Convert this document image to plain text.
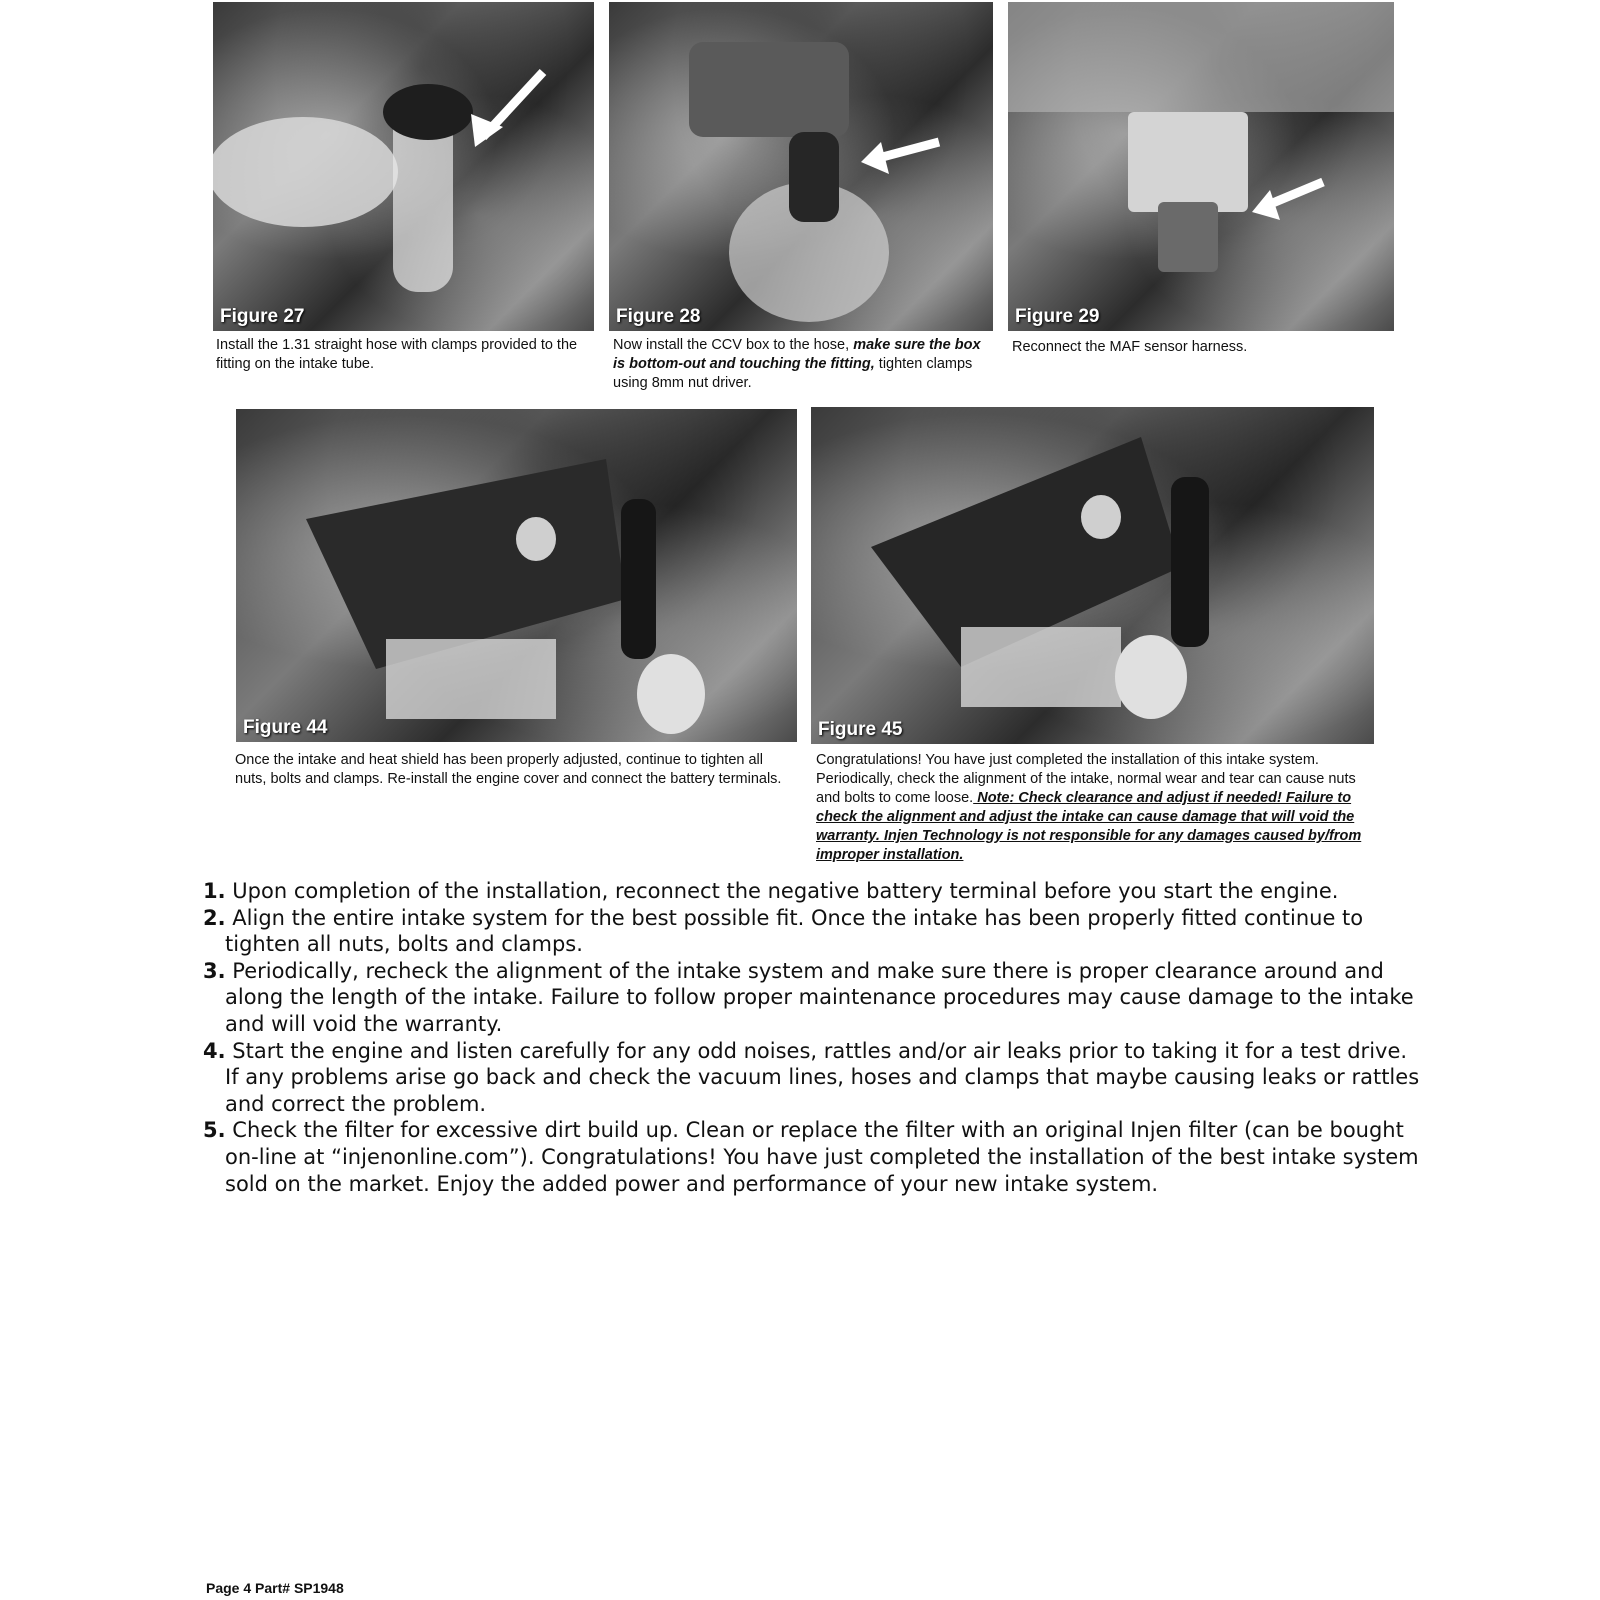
Figure 27
Install the 1.31 straight hose with clamps provided to the fitting on the intake tube.
Figure 28
Now install the CCV box to the hose, make sure the box is bottom-out and touching the fitting, tighten clamps using 8mm nut driver.
Figure 29
Reconnect the MAF sensor harness.
Figure 44
Once the intake and heat shield has been properly adjusted, continue to tighten all nuts, bolts and clamps. Re-install the engine cover and connect the battery terminals.
Figure 45
Congratulations! You have just completed the installation of this intake system. Periodically, check the alignment of the intake, normal wear and tear can cause nuts and bolts to come loose. Note: Check clearance and adjust if needed! Failure to check the alignment and adjust the intake can cause damage that will void the warranty. Injen Technology is not responsible for any damages caused by/from improper installation.
1. Upon completion of the installation, reconnect the negative battery terminal before you start the engine.
2. Align the entire intake system for the best possible fit. Once the intake has been properly fitted continue to tighten all nuts, bolts and clamps.
3. Periodically, recheck the alignment of the intake system and make sure there is proper clearance around and along the length of the intake. Failure to follow proper maintenance procedures may cause damage to the intake and will void the warranty.
4. Start the engine and listen carefully for any odd noises, rattles and/or air leaks prior to taking it for a test drive. If any problems arise go back and check the vacuum lines, hoses and clamps that maybe causing leaks or rattles and correct the problem.
5. Check the filter for excessive dirt build up. Clean or replace the filter with an original Injen filter (can be bought on-line at “injenonline.com”). Congratulations! You have just completed the installation of the best intake system sold on the market. Enjoy the added power and performance of your new intake system.
Page 4 Part# SP1948
